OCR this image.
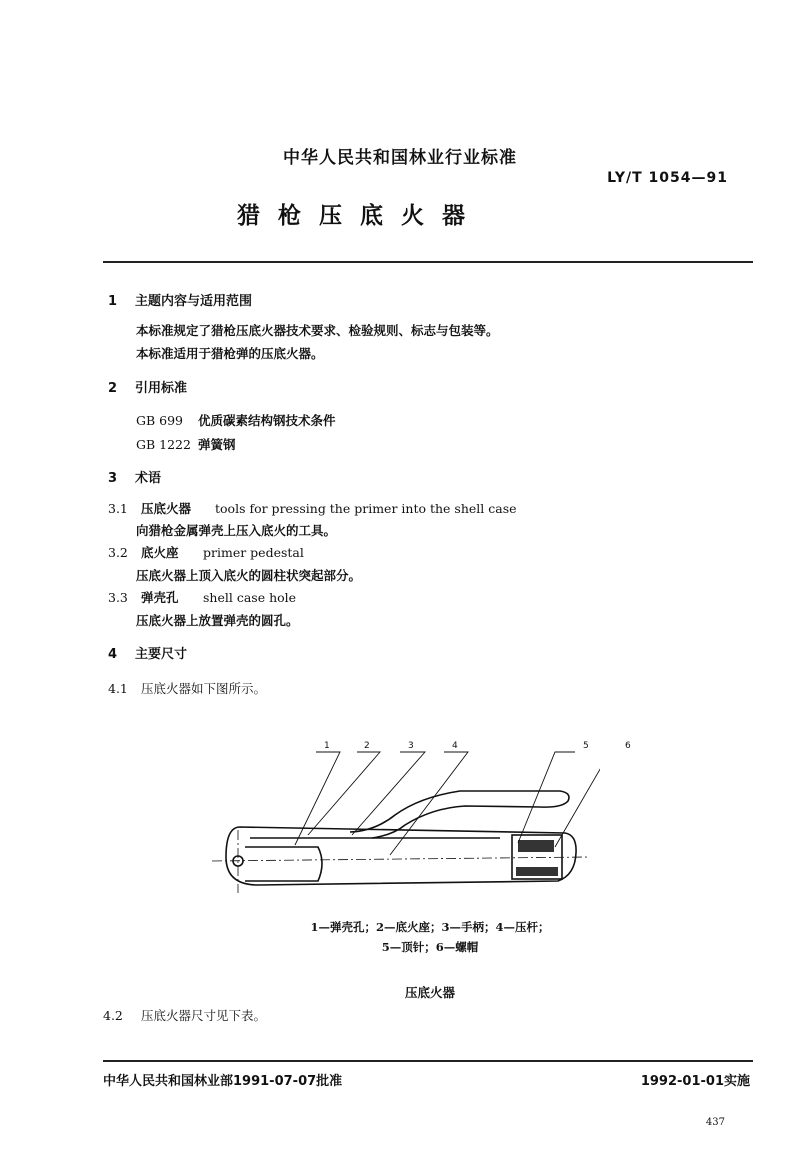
中华人民共和国林业行业标准
LY/T 1054—91
猎枪压底火器
1 主题内容与适用范围
本标准规定了猎枪压底火器技术要求、检验规则、标志与包装等。
本标准适用于猎枪弹的压底火器。
2 引用标准
GB 699 优质碳素结构钢技术条件
GB 1222 弹簧钢
3 术语
3.1 压底火器 tools for pressing the primer into the shell case
向猎枪金属弹壳上压入底火的工具。
3.2 底火座 primer pedestal
压底火器上顶入底火的圆柱状突起部分。
3.3 弹壳孔 shell case hole
压底火器上放置弹壳的圆孔。
4 主要尺寸
4.1 压底火器如下图所示。
1	2	3	4	5	6
1—弹壳孔；2—底火座；3—手柄；4—压杆；
5—顶针；6—螺帽
压底火器
4.2 压底火器尺寸见下表。
中华人民共和国林业部1991-07-07批准	1992-01-01实施
437
